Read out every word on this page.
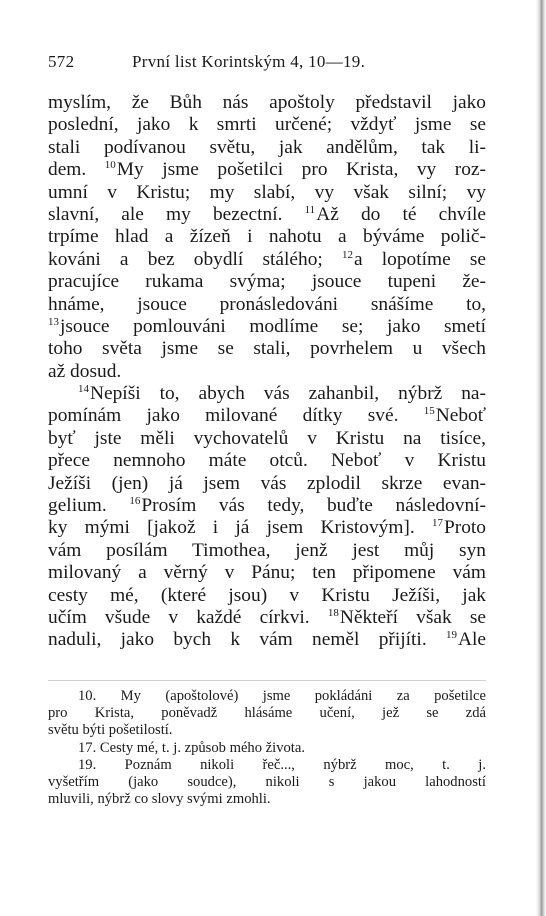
572	První list Korintským 4, 10—19.
myslím, že Bůh nás apoštoly představil jako
poslední, jako k smrti určené; vždyť jsme se
stali podívanou světu, jak andělům, tak li-
dem. $^{10}$My jsme pošetilci pro Krista, vy roz-
umní v Kristu; my slabí, vy však silní; vy
slavní, ale my bezectní. $^{11}$Až do té chvíle
trpíme hlad a žízeň i nahotu a býváme polič-
kováni a bez obydlí stálého; $^{12}$a lopotíme se
pracujíce rukama svýma; jsouce tupeni že-
hnáme, jsouce pronásledováni snášíme to,
$^{13}$jsouce pomlouváni modlíme se; jako smetí
toho světa jsme se stali, povrhelem u všech
až dosud.
$^{14}$Nepíši to, abych vás zahanbil, nýbrž na-
pomínám jako milované dítky své. $^{15}$Neboť
byť jste měli vychovatelů v Kristu na tisíce,
přece nemnoho máte otců. Neboť v Kristu
Ježíši (jen) já jsem vás zplodil skrze evan-
gelium. $^{16}$Prosím vás tedy, buďte následovní-
ky mými [jakož i já jsem Kristovým]. $^{17}$Proto
vám posílám Timothea, jenž jest můj syn
milovaný a věrný v Pánu; ten připomene vám
cesty mé, (které jsou) v Kristu Ježíši, jak
učím všude v každé církvi. $^{18}$Někteří však se
naduli, jako bych k vám neměl přijíti. $^{19}$Ale
10. My (apoštolové) jsme pokládáni za pošetilce
pro Krista, poněvadž hlásáme učení, jež se zdá
světu býti pošetilostí.
17. Cesty mé, t. j. způsob mého života.
19. Poznám nikoli řeč..., nýbrž moc, t. j.
vyšetřím (jako soudce), nikoli s jakou lahodností
mluvili, nýbrž co slovy svými zmohli.
